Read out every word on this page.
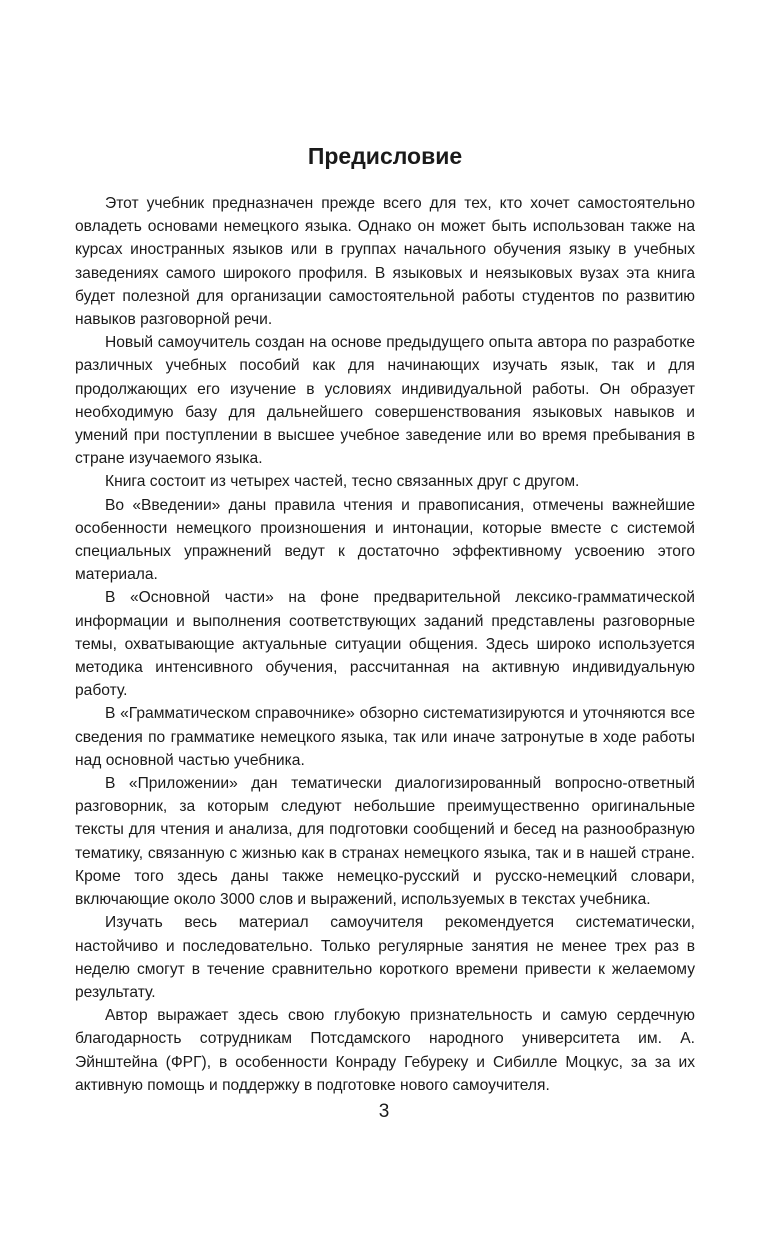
Предисловие

Этот учебник предназначен прежде всего для тех, кто хочет самостоятельно овладеть основами немецкого языка. Однако он может быть использован также на курсах иностранных языков или в группах начального обучения языку в учебных заведениях самого широкого профиля. В языковых и неязыковых вузах эта книга будет полезной для организации самостоятельной работы студентов по развитию навыков разговорной речи.

Новый самоучитель создан на основе предыдущего опыта автора по разработке различных учебных пособий как для начинающих изучать язык, так и для продолжающих его изучение в условиях индивидуальной работы. Он образует необходимую базу для дальнейшего совершенствования языковых навыков и умений при поступлении в высшее учебное заведение или во время пребывания в стране изучаемого языка.

Книга состоит из четырех частей, тесно связанных друг с другом.

Во «Введении» даны правила чтения и правописания, отмечены важнейшие особенности немецкого произношения и интонации, которые вместе с системой специальных упражнений ведут к достаточно эффективному усвоению этого материала.

В «Основной части» на фоне предварительной лексико-грамматической информации и выполнения соответствующих заданий представлены разговорные темы, охватывающие актуальные ситуации общения. Здесь широко используется методика интенсивного обучения, рассчитанная на активную индивидуальную работу.

В «Грамматическом справочнике» обзорно систематизируются и уточняются все сведения по грамматике немецкого языка, так или иначе затронутые в ходе работы над основной частью учебника.

В «Приложении» дан тематически диалогизированный вопросно-ответный разговорник, за которым следуют небольшие преимущественно оригинальные тексты для чтения и анализа, для подготовки сообщений и бесед на разнообразную тематику, связанную с жизнью как в странах немецкого языка, так и в нашей стране. Кроме того здесь даны также немецко-русский и русско-немецкий словари, включающие около 3000 слов и выражений, используемых в текстах учебника.

Изучать весь материал самоучителя рекомендуется систематически, настойчиво и последовательно. Только регулярные занятия не менее трех раз в неделю смогут в течение сравнительно короткого времени привести к желаемому результату.

Автор выражает здесь свою глубокую признательность и самую сердечную благодарность сотрудникам Потсдамского народного университета им. А. Эйнштейна (ФРГ), в особенности Конраду Гебуреку и Сибилле Моцкус, за за их активную помощь и поддержку в подготовке нового самоучителя.

3
